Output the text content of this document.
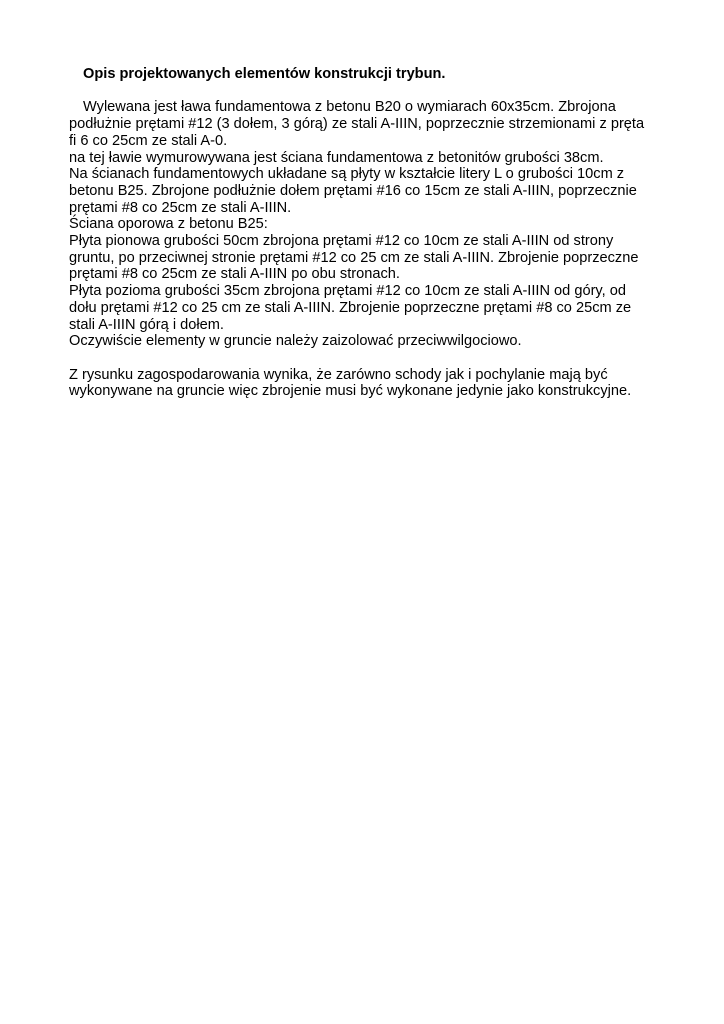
Opis projektowanych elementów konstrukcji trybun.

Wylewana jest ława fundamentowa z betonu B20 o wymiarach 60x35cm. Zbrojona

podłużnie prętami #12 (3 dołem, 3 górą) ze stali A-IIIN, poprzecznie strzemionami z pręta

fi 6 co 25cm ze stali A-0.

na tej ławie wymurowywana jest ściana fundamentowa z betonitów grubości 38cm.

Na ścianach fundamentowych układane są płyty w kształcie litery L o grubości 10cm z

betonu B25. Zbrojone podłużnie dołem prętami #16 co 15cm ze stali A-IIIN, poprzecznie

prętami #8 co 25cm ze stali A-IIIN.

Ściana oporowa z betonu B25:

Płyta pionowa grubości 50cm zbrojona prętami #12 co 10cm ze stali A-IIIN od strony

gruntu, po przeciwnej stronie prętami #12 co 25 cm ze stali A-IIIN. Zbrojenie poprzeczne

prętami #8 co 25cm ze stali A-IIIN po obu stronach.

Płyta pozioma grubości 35cm zbrojona prętami #12 co 10cm ze stali A-IIIN od góry, od

dołu prętami #12 co 25 cm ze stali A-IIIN. Zbrojenie poprzeczne prętami #8 co 25cm ze

stali A-IIIN górą i dołem.

Oczywiście elementy w gruncie należy zaizolować przeciwwilgociowo.

Z rysunku zagospodarowania wynika, że zarówno schody jak i pochylanie mają być

wykonywane na gruncie więc zbrojenie musi być wykonane jedynie jako konstrukcyjne.
